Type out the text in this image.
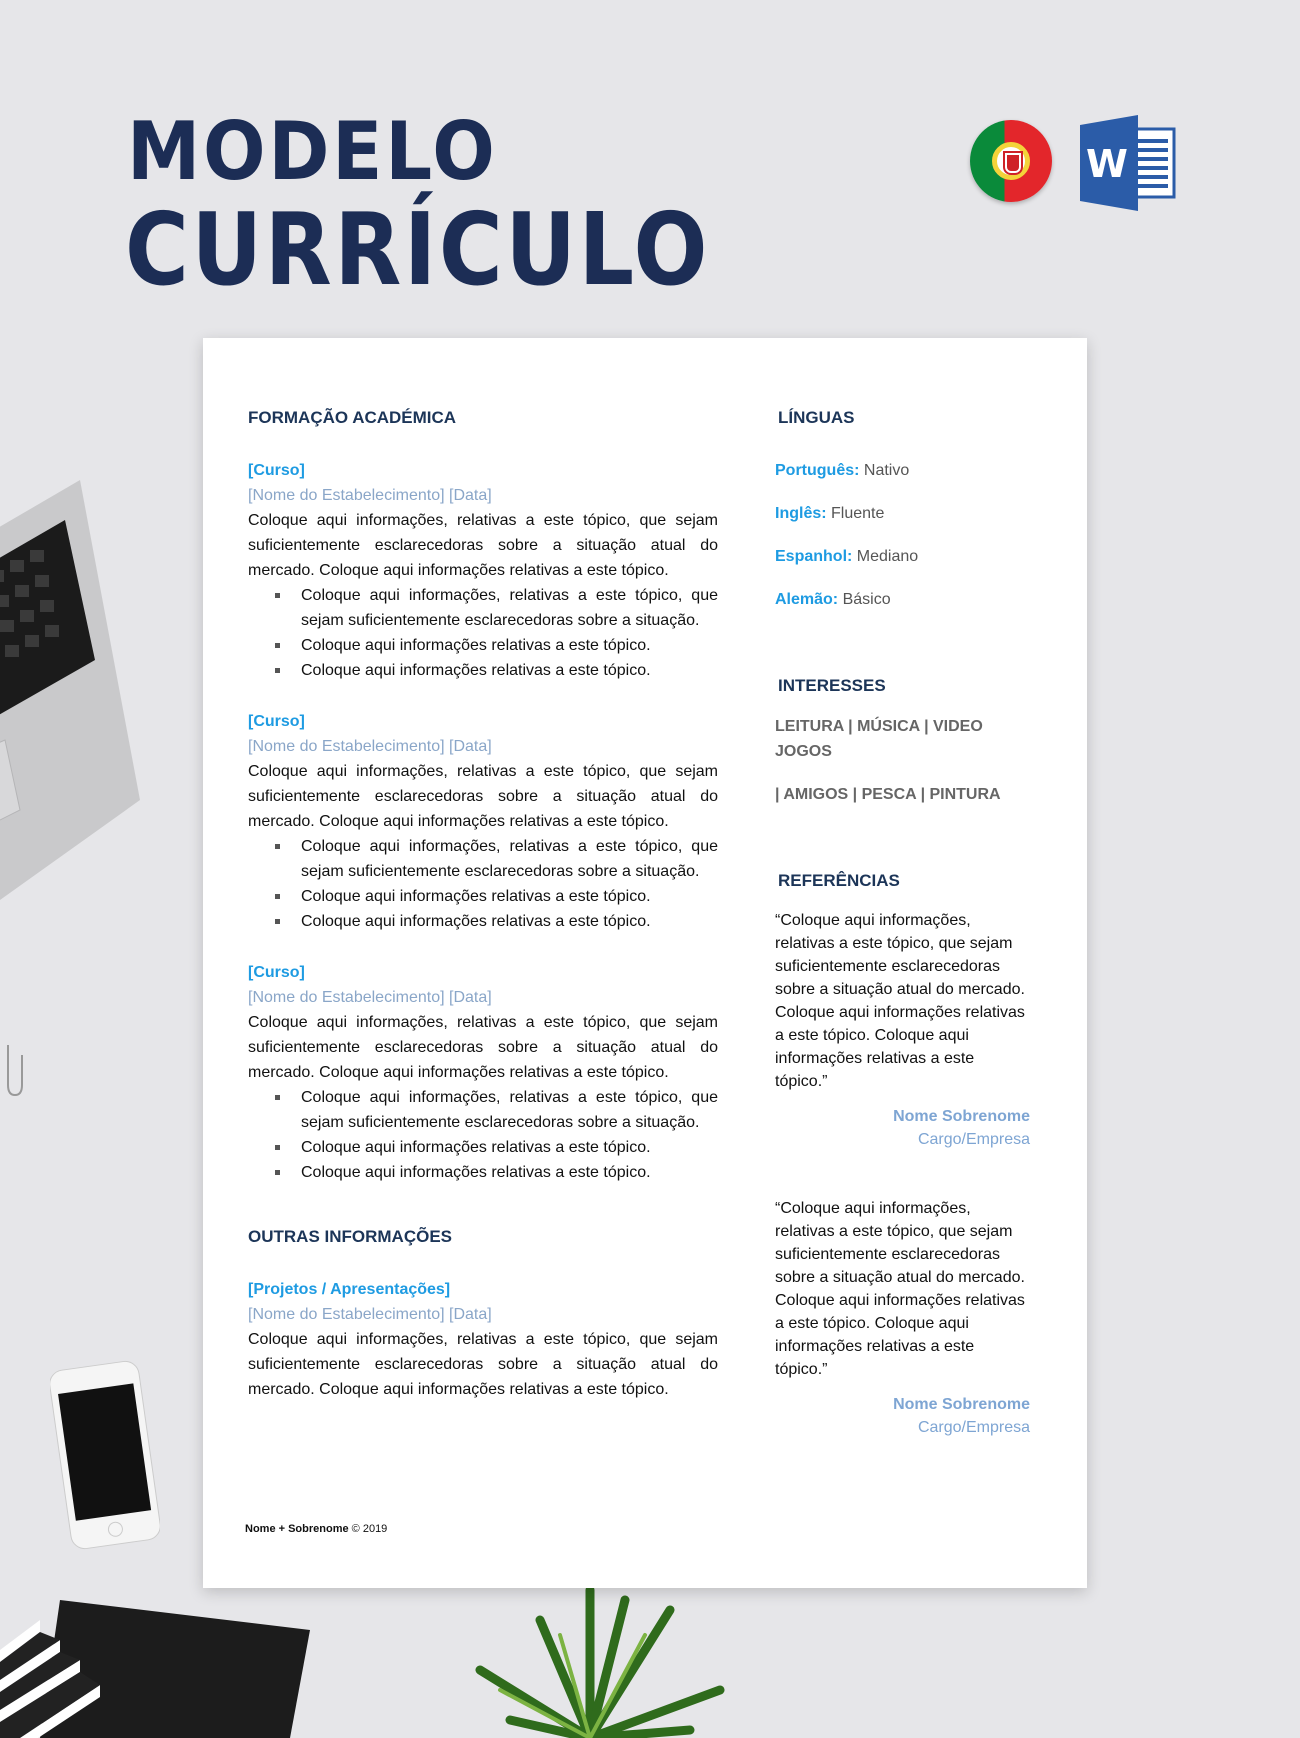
MODELO
CURRÍCULO
W
FORMAÇÃO ACADÉMICA
[Curso]
[Nome do Estabelecimento] [Data]
Coloque aqui informações, relativas a este tópico, que sejam suficientemente esclarecedoras sobre a situação atual do mercado. Coloque aqui informações relativas a este tópico.
Coloque aqui informações, relativas a este tópico, que sejam suficientemente esclarecedoras sobre a situação.
Coloque aqui informações relativas a este tópico.
Coloque aqui informações relativas a este tópico.
[Curso]
[Nome do Estabelecimento] [Data]
Coloque aqui informações, relativas a este tópico, que sejam suficientemente esclarecedoras sobre a situação atual do mercado. Coloque aqui informações relativas a este tópico.
Coloque aqui informações, relativas a este tópico, que sejam suficientemente esclarecedoras sobre a situação.
Coloque aqui informações relativas a este tópico.
Coloque aqui informações relativas a este tópico.
[Curso]
[Nome do Estabelecimento] [Data]
Coloque aqui informações, relativas a este tópico, que sejam suficientemente esclarecedoras sobre a situação atual do mercado. Coloque aqui informações relativas a este tópico.
Coloque aqui informações, relativas a este tópico, que sejam suficientemente esclarecedoras sobre a situação.
Coloque aqui informações relativas a este tópico.
Coloque aqui informações relativas a este tópico.
OUTRAS INFORMAÇÕES
[Projetos / Apresentações]
[Nome do Estabelecimento] [Data]
Coloque aqui informações, relativas a este tópico, que sejam suficientemente esclarecedoras sobre a situação atual do mercado. Coloque aqui informações relativas a este tópico.
LÍNGUAS
Português: Nativo
Inglês: Fluente
Espanhol: Mediano
Alemão: Básico
INTERESSES
LEITURA | MÚSICA | VIDEO JOGOS
| AMIGOS | PESCA | PINTURA
REFERÊNCIAS
“Coloque aqui informações, relativas a este tópico, que sejam suficientemente esclarecedoras sobre a situação atual do mercado. Coloque aqui informações relativas a este tópico. Coloque aqui informações relativas a este tópico.”
Nome Sobrenome
Cargo/Empresa
“Coloque aqui informações, relativas a este tópico, que sejam suficientemente esclarecedoras sobre a situação atual do mercado. Coloque aqui informações relativas a este tópico. Coloque aqui informações relativas a este tópico.”
Nome Sobrenome
Cargo/Empresa
Nome + Sobrenome © 2019
